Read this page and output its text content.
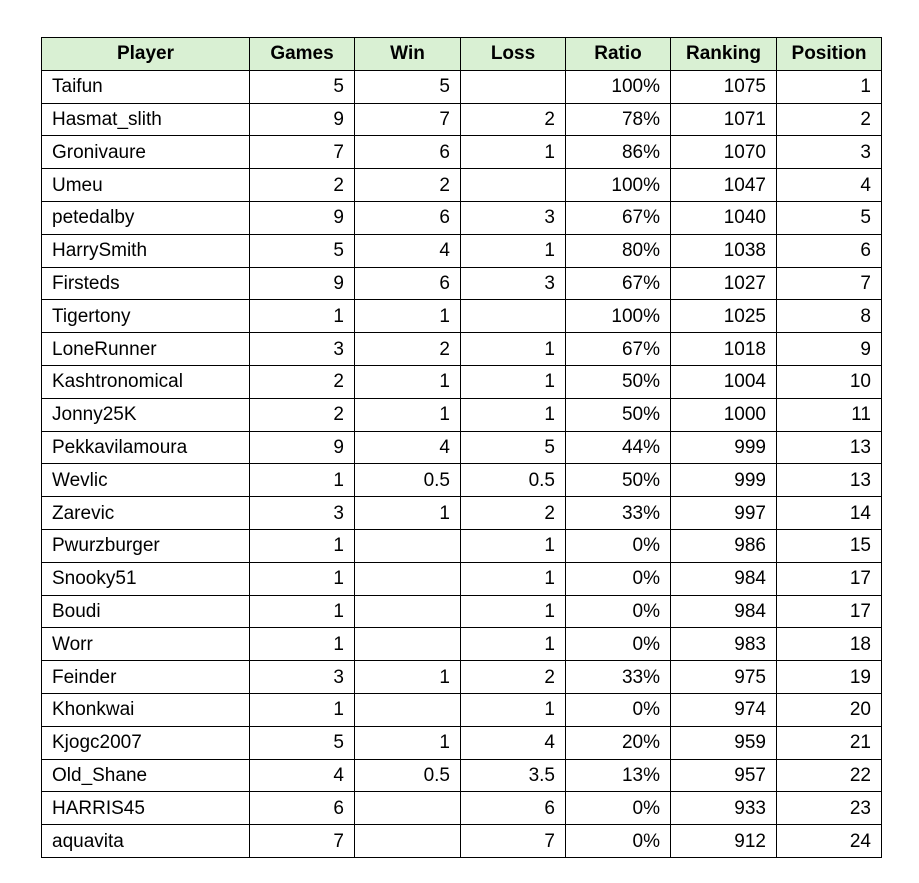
Player	Games	Win	Loss	Ratio	Ranking	Position
Taifun	5	5		100%	1075	1
Hasmat_slith	9	7	2	78%	1071	2
Gronivaure	7	6	1	86%	1070	3
Umeu	2	2		100%	1047	4
petedalby	9	6	3	67%	1040	5
HarrySmith	5	4	1	80%	1038	6
Firsteds	9	6	3	67%	1027	7
Tigertony	1	1		100%	1025	8
LoneRunner	3	2	1	67%	1018	9
Kashtronomical	2	1	1	50%	1004	10
Jonny25K	2	1	1	50%	1000	11
Pekkavilamoura	9	4	5	44%	999	13
Wevlic	1	0.5	0.5	50%	999	13
Zarevic	3	1	2	33%	997	14
Pwurzburger	1		1	0%	986	15
Snooky51	1		1	0%	984	17
Boudi	1		1	0%	984	17
Worr	1		1	0%	983	18
Feinder	3	1	2	33%	975	19
Khonkwai	1		1	0%	974	20
Kjogc2007	5	1	4	20%	959	21
Old_Shane	4	0.5	3.5	13%	957	22
HARRIS45	6		6	0%	933	23
aquavita	7		7	0%	912	24
